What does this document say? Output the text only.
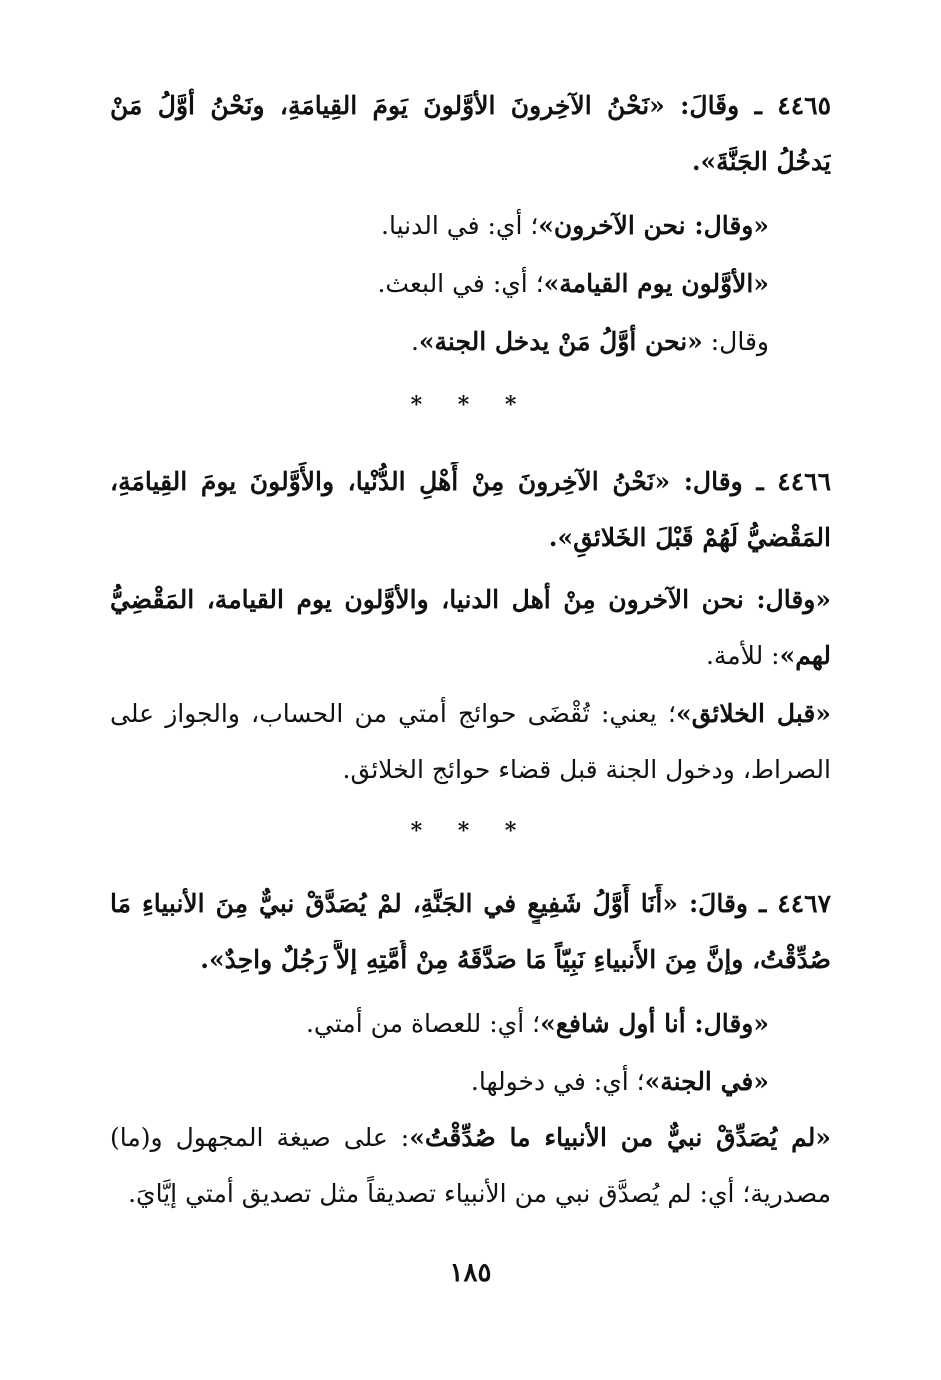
٤٤٦٥ ـ وقَالَ: «نَحْنُ الآخِرونَ الأوَّلونَ يَومَ القِيامَةِ، ونَحْنُ أوَّلُ مَنْ
يَدخُلُ الجَنَّةَ».
«وقال: نحن الآخرون»؛ أي: في الدنيا.
«الأوَّلون يوم القيامة»؛ أي: في البعث.
وقال: «نحن أوَّلُ مَنْ يدخل الجنة».
* * *
٤٤٦٦ ـ وقال: «نَحْنُ الآخِرونَ مِنْ أَهْلِ الدُّنْيا، والأَوَّلونَ يومَ القِيامَةِ،
المَقْضيُّ لَهُمْ قَبْلَ الخَلائقِ».
«وقال: نحن الآخرون مِنْ أهل الدنيا، والأوَّلون يوم القيامة، المَقْضِيُّ
لهم»: للأمة.
«قبل الخلائق»؛ يعني: تُقْضَى حوائج أمتي من الحساب، والجواز على
الصراط، ودخول الجنة قبل قضاء حوائج الخلائق.
* * *
٤٤٦٧ ـ وقالَ: «أَنَا أَوَّلُ شَفِيعٍ في الجَنَّةِ، لمْ يُصَدَّقْ نبيٌّ مِنَ الأنبياءِ مَا
صُدِّقْتُ، وإنَّ مِنَ الأَنبياءِ نَبِيّاً مَا صَدَّقَهُ مِنْ أُمَّتِهِ إلاَّ رَجُلٌ واحِدٌ».
«وقال: أنا أول شافع»؛ أي: للعصاة من أمتي.
«في الجنة»؛ أي: في دخولها.
«لم يُصَدِّقْ نبيٌّ من الأنبياء ما صُدِّقْتُ»: على صيغة المجهول و(ما)
مصدرية؛ أي: لم يُصدَّق نبي من الأنبياء تصديقاً مثل تصديق أمتي إيَّايَ.
١٨٥
